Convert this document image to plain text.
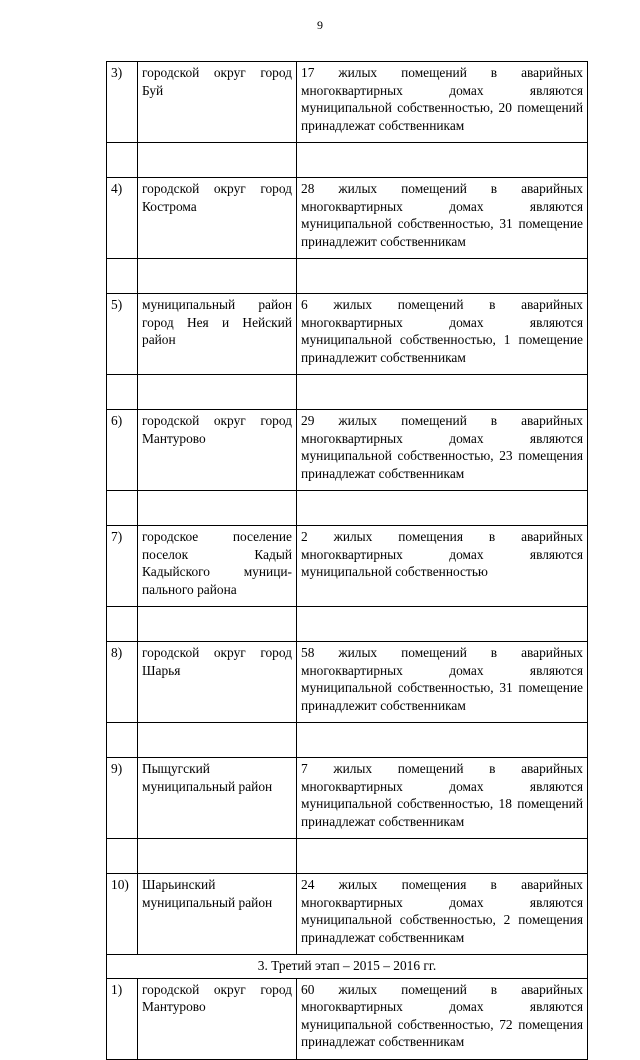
9
3)	городской округ город Буй	17 жилых помещений в аварийных многоквартирных домах являются муниципальной собственностью, 20 помещений принадлежат собственникам

4)	городской округ город Кострома	28 жилых помещений в аварийных многоквартирных домах являются муниципальной собственностью, 31 помещение принадлежит собственникам

5)	муниципальный район город Нея и Нейский район	6 жилых помещений в аварийных многоквартирных домах являются муниципальной собственностью, 1 помещение принадлежит собственникам

6)	городской округ город Мантурово	29 жилых помещений в аварийных многоквартирных домах являются муниципальной собственностью, 23 помещения принадлежат собственникам

7)	городское поселение поселок Кадый Кадыйского муници-пального района	2 жилых помещения в аварийных многоквартирных домах являются муниципальной собственностью

8)	городской округ город Шарья	58 жилых помещений в аварийных многоквартирных домах являются муниципальной собственностью, 31 помещение принадлежит собственникам

9)	Пыщугский муниципальный район	7 жилых помещений в аварийных многоквартирных домах являются муниципальной собственностью, 18 помещений принадлежат собственникам

10)	Шарьинский муниципальный район	24 жилых помещения в аварийных многоквартирных домах являются муниципальной собственностью, 2 помещения принадлежат собственникам
3. Третий этап – 2015 – 2016 гг.		
1)	городской округ город Мантурово	60 жилых помещений в аварийных многоквартирных домах являются муниципальной собственностью, 72 помещения принадлежат собственникам
